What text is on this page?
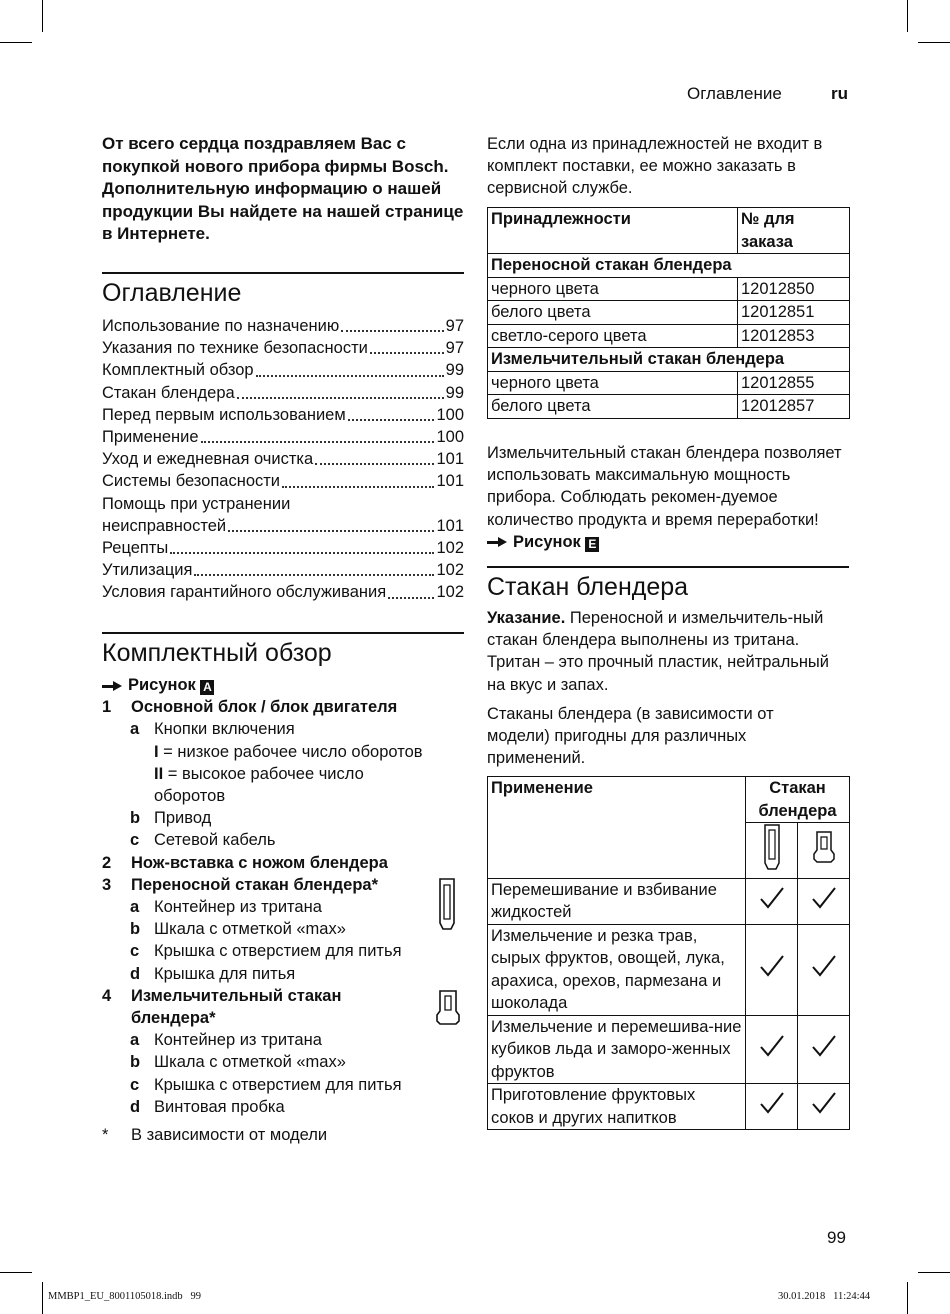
Оглавление	ru
От всего сердца поздравляем Вас с покупкой нового прибора фирмы Bosch. Дополнительную информацию о нашей продукции Вы найдете на нашей странице в Интернете.
Оглавление
Использование по назначению	97
Указания по технике безопасности	97
Комплектный обзор	99
Стакан блендера	99
Перед первым использованием	100
Применение	100
Уход и ежедневная очистка	101
Системы безопасности	101
Помощь при устранении
неисправностей	101
Рецепты	102
Утилизация	102
Условия гарантийного обслуживания	102
Комплектный обзор
Рисунок A
1 Основной блок / блок двигателя
a Кнопки включения
I = низкое рабочее число оборотов
II = высокое рабочее число
оборотов
b Привод
c Сетевой кабель
2 Нож-вставка с ножом блендера
3 Переносной стакан блендера*
a Контейнер из тритана
b Шкала с отметкой «max»
c Крышка с отверстием для питья
d Крышка для питья
4 Измельчительный стакан
блендера*
a Контейнер из тритана
b Шкала с отметкой «max»
c Крышка с отверстием для питья
d Винтовая пробка
* В зависимости от модели
Если одна из принадлежностей не входит в комплект поставки, ее можно заказать в сервисной службе.
Принадлежности	№ для заказа
Переносной стакан блендера	
черного цвета	12012850
белого цвета	12012851
светло-серого цвета	12012853
Измельчительный стакан блендера	
черного цвета	12012855
белого цвета	12012857
Измельчительный стакан блендера позволяет использовать максимальную мощность прибора. Соблюдать рекомен-дуемое количество продукта и время переработки! Рисунок E
Стакан блендера
Указание. Переносной и измельчитель-ный стакан блендера выполнены из тритана. Тритан – это прочный пластик, нейтральный на вкус и запах.
Стаканы блендера (в зависимости от модели) пригодны для различных применений.
Применение	Стакан блендера	

Перемешивание и взбивание жидкостей		
Измельчение и резка трав, сырых фруктов, овощей, лука, арахиса, орехов, пармезана и шоколада		
Измельчение и перемешива-ние кубиков льда и заморо-женных фруктов		
Приготовление фруктовых соков и других напитков		
99
MMBP1_EU_8001105018.indb   99	30.01.2018   11:24:44
